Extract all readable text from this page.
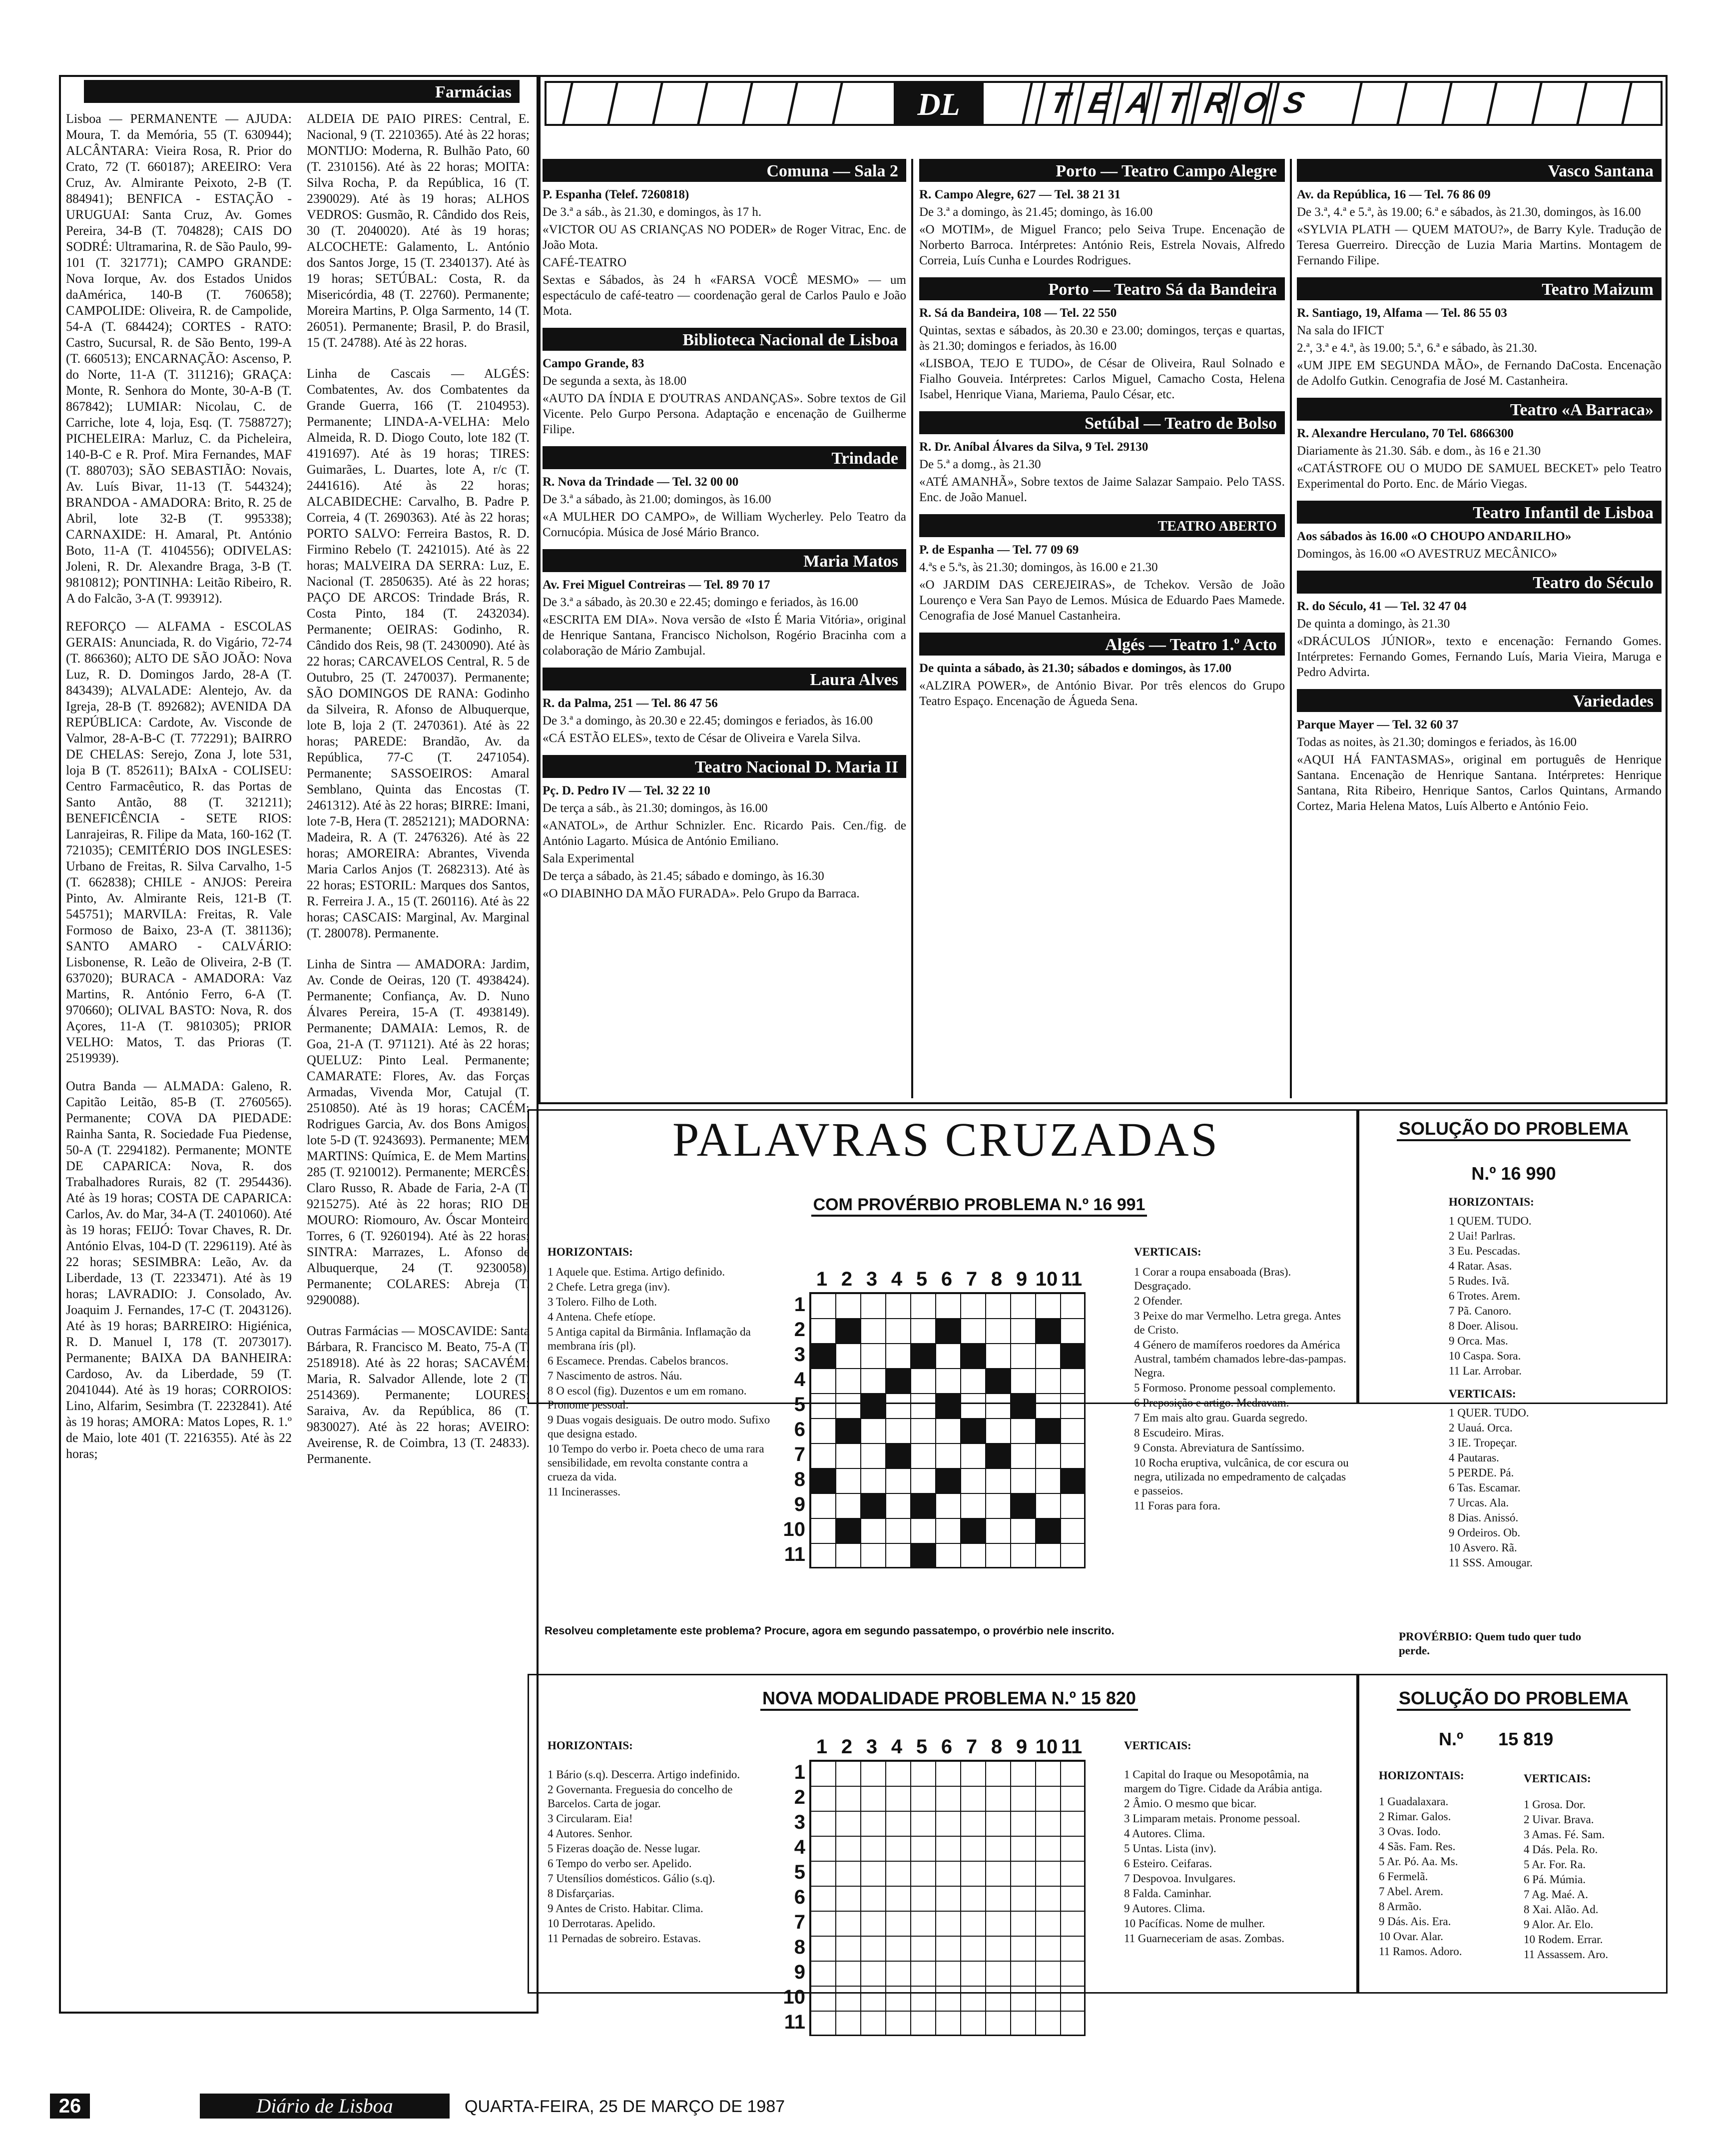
Farmácias

Lisboa — PERMANENTE — AJUDA: Moura, T. da Memória, 55 (T. 630944); ALCÂNTARA: Vieira Rosa, R. Prior do Crato, 72 (T. 660187); AREEIRO: Vera Cruz, Av. Almirante Peixoto, 2-B (T. 884941); BENFICA - ESTAÇÃO - URUGUAI: Santa Cruz, Av. Gomes Pereira, 34-B (T. 704828); CAIS DO SODRÉ: Ultramarina, R. de São Paulo, 99-101 (T. 321771); CAMPO GRANDE: Nova Iorque, Av. dos Estados Unidos daAmérica, 140-B (T. 760658); CAMPOLIDE: Oliveira, R. de Campolide, 54-A (T. 684424); CORTES - RATO: Castro, Sucursal, R. de São Bento, 199-A (T. 660513); ENCARNAÇÃO: Ascenso, P. do Norte, 11-A (T. 311216); GRAÇA: Monte, R. Senhora do Monte, 30-A-B (T. 867842); LUMIAR: Nicolau, C. de Carriche, lote 4, loja, Esq. (T. 7588727); PICHELEIRA: Marluz, C. da Picheleira, 140-B-C e R. Prof. Mira Fernandes, MAF (T. 880703); SÃO SEBASTIÃO: Novais, Av. Luís Bivar, 11-13 (T. 544324); BRANDOA - AMADORA: Brito, R. 25 de Abril, lote 32-B (T. 995338); CARNAXIDE: H. Amaral, Pt. António Boto, 11-A (T. 4104556); ODIVELAS: Joleni, R. Dr. Alexandre Braga, 3-B (T. 9810812); PONTINHA: Leitão Ribeiro, R. A do Falcão, 3-A (T. 993912).

REFORÇO — ALFAMA - ESCOLAS GERAIS: Anunciada, R. do Vigário, 72-74 (T. 866360); ALTO DE SÃO JOÃO: Nova Luz, R. D. Domingos Jardo, 28-A (T. 843439); ALVALADE: Alentejo, Av. da Igreja, 28-B (T. 892682); AVENIDA DA REPÚBLICA: Cardote, Av. Visconde de Valmor, 28-A-B-C (T. 772291); BAIRRO DE CHELAS: Serejo, Zona J, lote 531, loja B (T. 852611); BAIxA - COLISEU: Centro Farmacêutico, R. das Portas de Santo Antão, 88 (T. 321211); BENEFICÊNCIA - SETE RIOS: Lanrajeiras, R. Filipe da Mata, 160-162 (T. 721035); CEMITÉRIO DOS INGLESES: Urbano de Freitas, R. Silva Carvalho, 1-5 (T. 662838); CHILE - ANJOS: Pereira Pinto, Av. Almirante Reis, 121-B (T. 545751); MARVILA: Freitas, R. Vale Formoso de Baixo, 23-A (T. 381136); SANTO AMARO - CALVÁRIO: Lisbonense, R. Leão de Oliveira, 2-B (T. 637020); BURACA - AMADORA: Vaz Martins, R. António Ferro, 6-A (T. 970660); OLIVAL BASTO: Nova, R. dos Açores, 11-A (T. 9810305); PRIOR VELHO: Matos, T. das Prioras (T. 2519939).

Outra Banda — ALMADA: Galeno, R. Capitão Leitão, 85-B (T. 2760565). Permanente; COVA DA PIEDADE: Rainha Santa, R. Sociedade Fua Piedense, 50-A (T. 2294182). Permanente; MONTE DE CAPARICA: Nova, R. dos Trabalhadores Rurais, 82 (T. 2954436). Até às 19 horas; COSTA DE CAPARICA: Carlos, Av. do Mar, 34-A (T. 2401060). Até às 19 horas; FEIJÓ: Tovar Chaves, R. Dr. António Elvas, 104-D (T. 2296119). Até às 22 horas; SESIMBRA: Leão, Av. da Liberdade, 13 (T. 2233471). Até às 19 horas; LAVRADIO: J. Consolado, Av. Joaquim J. Fernandes, 17-C (T. 2043126). Até às 19 horas; BARREIRO: Higiénica, R. D. Manuel I, 178 (T. 2073017). Permanente; BAIXA DA BANHEIRA: Cardoso, Av. da Liberdade, 59 (T. 2041044). Até às 19 horas; CORROIOS: Lino, Alfarim, Sesimbra (T. 2232841). Até às 19 horas; AMORA: Matos Lopes, R. 1.º de Maio, lote 401 (T. 2216355). Até às 22 horas;

ALDEIA DE PAIO PIRES: Central, E. Nacional, 9 (T. 2210365). Até às 22 horas; MONTIJO: Moderna, R. Bulhão Pato, 60 (T. 2310156). Até às 22 horas; MOITA: Silva Rocha, P. da República, 16 (T. 2390029). Até às 19 horas; ALHOS VEDROS: Gusmão, R. Cândido dos Reis, 30 (T. 2040020). Até às 19 horas; ALCOCHETE: Galamento, L. António dos Santos Jorge, 15 (T. 2340137). Até às 19 horas; SETÚBAL: Costa, R. da Misericórdia, 48 (T. 22760). Permanente; Moreira Martins, P. Olga Sarmento, 14 (T. 26051). Permanente; Brasil, P. do Brasil, 15 (T. 24788). Até às 22 horas.

Linha de Cascais — ALGÉS: Combatentes, Av. dos Combatentes da Grande Guerra, 166 (T. 2104953). Permanente; LINDA-A-VELHA: Melo Almeida, R. D. Diogo Couto, lote 182 (T. 4191697). Até às 19 horas; TIRES: Guimarães, L. Duartes, lote A, r/c (T. 2441616). Até às 22 horas; ALCABIDECHE: Carvalho, B. Padre P. Correia, 4 (T. 2690363). Até às 22 horas; PORTO SALVO: Ferreira Bastos, R. D. Firmino Rebelo (T. 2421015). Até às 22 horas; MALVEIRA DA SERRA: Luz, E. Nacional (T. 2850635). Até às 22 horas; PAÇO DE ARCOS: Trindade Brás, R. Costa Pinto, 184 (T. 2432034). Permanente; OEIRAS: Godinho, R. Cândido dos Reis, 98 (T. 2430090). Até às 22 horas; CARCAVELOS Central, R. 5 de Outubro, 25 (T. 2470037). Permanente; SÃO DOMINGOS DE RANA: Godinho da Silveira, R. Afonso de Albuquerque, lote B, loja 2 (T. 2470361). Até às 22 horas; PAREDE: Brandão, Av. da República, 77-C (T. 2471054). Permanente; SASSOEIROS: Amaral Semblano, Quinta das Encostas (T. 2461312). Até às 22 horas; BIRRE: Imani, lote 7-B, Hera (T. 2852121); MADORNA: Madeira, R. A (T. 2476326). Até às 22 horas; AMOREIRA: Abrantes, Vivenda Maria Carlos Anjos (T. 2682313). Até às 22 horas; ESTORIL: Marques dos Santos, R. Ferreira J. A., 15 (T. 260116). Até às 22 horas; CASCAIS: Marginal, Av. Marginal (T. 280078). Permanente.

Linha de Sintra — AMADORA: Jardim, Av. Conde de Oeiras, 120 (T. 4938424). Permanente; Confiança, Av. D. Nuno Álvares Pereira, 15-A (T. 4938149). Permanente; DAMAIA: Lemos, R. de Goa, 21-A (T. 971121). Até às 22 horas; QUELUZ: Pinto Leal. Permanente; CAMARATE: Flores, Av. das Forças Armadas, Vivenda Mor, Catujal (T. 2510850). Até às 19 horas; CACÉM: Rodrigues Garcia, Av. dos Bons Amigos, lote 5-D (T. 9243693). Permanente; MEM MARTINS: Química, E. de Mem Martins, 285 (T. 9210012). Permanente; MERCÊS: Claro Russo, R. Abade de Faria, 2-A (T. 9215275). Até às 22 horas; RIO DE MOURO: Riomouro, Av. Óscar Monteiro Torres, 6 (T. 9260194). Até às 22 horas; SINTRA: Marrazes, L. Afonso de Albuquerque, 24 (T. 9230058). Permanente; COLARES: Abreja (T. 9290088).

Outras Farmácias — MOSCAVIDE: Santa Bárbara, R. Francisco M. Beato, 75-A (T. 2518918). Até às 22 horas; SACAVÉM: Maria, R. Salvador Allende, lote 2 (T. 2514369). Permanente; LOURES: Saraiva, Av. da República, 86 (T. 9830027). Até às 22 horas; AVEIRO: Aveirense, R. de Coimbra, 13 (T. 24833). Permanente.

DL	T E A T R O S
Comuna — Sala 2
P. Espanha (Telef. 7260818)
De 3.ª a sáb., às 21.30, e domingos, às 17 h.
«VICTOR OU AS CRIANÇAS NO PODER» de Roger Vitrac, Enc. de João Mota.
CAFÉ-TEATRO
Sextas e Sábados, às 24 h «FARSA VOCÊ MESMO» — um espectáculo de café-teatro — coordenação geral de Carlos Paulo e João Mota.
Biblioteca Nacional de Lisboa
Campo Grande, 83
De segunda a sexta, às 18.00
«AUTO DA ÍNDIA E D'OUTRAS ANDANÇAS». Sobre textos de Gil Vicente. Pelo Gurpo Persona. Adaptação e encenação de Guilherme Filipe.
Trindade
R. Nova da Trindade — Tel. 32 00 00
De 3.ª a sábado, às 21.00; domingos, às 16.00
«A MULHER DO CAMPO», de William Wycherley. Pelo Teatro da Cornucópia. Música de José Mário Branco.
Maria Matos
Av. Frei Miguel Contreiras — Tel. 89 70 17
De 3.ª a sábado, às 20.30 e 22.45; domingo e feriados, às 16.00
«ESCRITA EM DIA». Nova versão de «Isto É Maria Vitória», original de Henrique Santana, Francisco Nicholson, Rogério Bracinha com a colaboração de Mário Zambujal.
Laura Alves
R. da Palma, 251 — Tel. 86 47 56
De 3.ª a domingo, às 20.30 e 22.45; domingos e feriados, às 16.00
«CÁ ESTÃO ELES», texto de César de Oliveira e Varela Silva.
Teatro Nacional D. Maria II
Pç. D. Pedro IV — Tel. 32 22 10
De terça a sáb., às 21.30; domingos, às 16.00
«ANATOL», de Arthur Schnizler. Enc. Ricardo Pais. Cen./fig. de António Lagarto. Música de António Emiliano.
Sala Experimental
De terça a sábado, às 21.45; sábado e domingo, às 16.30
«O DIABINHO DA MÃO FURADA». Pelo Grupo da Barraca.
Porto — Teatro Campo Alegre
R. Campo Alegre, 627 — Tel. 38 21 31
De 3.ª a domingo, às 21.45; domingo, às 16.00
«O MOTIM», de Miguel Franco; pelo Seiva Trupe. Encenação de Norberto Barroca. Intérpretes: António Reis, Estrela Novais, Alfredo Correia, Luís Cunha e Lourdes Rodrigues.
Porto — Teatro Sá da Bandeira
R. Sá da Bandeira, 108 — Tel. 22 550
Quintas, sextas e sábados, às 20.30 e 23.00; domingos, terças e quartas, às 21.30; domingos e feriados, às 16.00
«LISBOA, TEJO E TUDO», de César de Oliveira, Raul Solnado e Fialho Gouveia. Intérpretes: Carlos Miguel, Camacho Costa, Helena Isabel, Henrique Viana, Mariema, Paulo César, etc.
Setúbal — Teatro de Bolso
R. Dr. Aníbal Álvares da Silva, 9 Tel. 29130
De 5.ª a domg., às 21.30
«ATÉ AMANHÃ», Sobre textos de Jaime Salazar Sampaio. Pelo TASS. Enc. de João Manuel.
TEATRO ABERTO
P. de Espanha — Tel. 77 09 69
4.ªs e 5.ªs, às 21.30; domingos, às 16.00 e 21.30
«O JARDIM DAS CEREJEIRAS», de Tchekov. Versão de João Lourenço e Vera San Payo de Lemos. Música de Eduardo Paes Mamede. Cenografia de José Manuel Castanheira.
Algés — Teatro 1.º Acto
De quinta a sábado, às 21.30; sábados e domingos, às 17.00
«ALZIRA POWER», de António Bivar. Por três elencos do Grupo Teatro Espaço. Encenação de Águeda Sena.
Vasco Santana
Av. da República, 16 — Tel. 76 86 09
De 3.ª, 4.ª e 5.ª, às 19.00; 6.ª e sábados, às 21.30, domingos, às 16.00
«SYLVIA PLATH — QUEM MATOU?», de Barry Kyle. Tradução de Teresa Guerreiro. Direcção de Luzia Maria Martins. Montagem de Fernando Filipe.
Teatro Maizum
R. Santiago, 19, Alfama — Tel. 86 55 03
Na sala do IFICT
2.ª, 3.ª e 4.ª, às 19.00; 5.ª, 6.ª e sábado, às 21.30.
«UM JIPE EM SEGUNDA MÃO», de Fernando DaCosta. Encenação de Adolfo Gutkin. Cenografia de José M. Castanheira.
Teatro «A Barraca»
R. Alexandre Herculano, 70 Tel. 6866300
Diariamente às 21.30. Sáb. e dom., às 16 e 21.30
«CATÁSTROFE OU O MUDO DE SAMUEL BECKET» pelo Teatro Experimental do Porto. Enc. de Mário Viegas.
Teatro Infantil de Lisboa
Aos sábados às 16.00 «O CHOUPO ANDARILHO»
Domingos, às 16.00 «O AVESTRUZ MECÂNICO»
Teatro do Século
R. do Século, 41 — Tel. 32 47 04
De quinta a domingo, às 21.30
«DRÁCULOS JÚNIOR», texto e encenação: Fernando Gomes. Intérpretes: Fernando Gomes, Fernando Luís, Maria Vieira, Maruga e Pedro Advirta.
Variedades
Parque Mayer — Tel. 32 60 37
Todas as noites, às 21.30; domingos e feriados, às 16.00
«AQUI HÁ FANTASMAS», original em português de Henrique Santana. Encenação de Henrique Santana. Intérpretes: Henrique Santana, Rita Ribeiro, Henrique Santos, Carlos Quintans, Armando Cortez, Maria Helena Matos, Luís Alberto e António Feio.
PALAVRAS CRUZADAS
COM PROVÉRBIO PROBLEMA N.º 16 991
HORIZONTAIS:
1 Aquele que. Estima. Artigo definido.
2 Chefe. Letra grega (inv).
3 Tolero. Filho de Loth.
4 Antena. Chefe etíope.
5 Antiga capital da Birmânia. Inflamação da membrana íris (pl).
6 Escamece. Prendas. Cabelos brancos.
7 Nascimento de astros. Náu.
8 O escol (fig). Duzentos e um em romano. Pronome pessoal.
9 Duas vogais desiguais. De outro modo. Sufixo que designa estado.
10 Tempo do verbo ir. Poeta checo de uma rara sensibilidade, em revolta constante contra a crueza da vida.
11 Incinerasses.
1
1
2
2
3
3
4
4
5
5
6
6
7
7
8
8
9
9
10
10
11
11
VERTICAIS:
1 Corar a roupa ensaboada (Bras). Desgraçado.
2 Ofender.
3 Peixe do mar Vermelho. Letra grega. Antes de Cristo.
4 Género de mamíferos roedores da América Austral, também chamados lebre-das-pampas. Negra.
5 Formoso. Pronome pessoal complemento.
6 Preposição e artigo. Medravam.
7 Em mais alto grau. Guarda segredo.
8 Escudeiro. Miras.
9 Consta. Abreviatura de Santíssimo.
10 Rocha eruptiva, vulcânica, de cor escura ou negra, utilizada no empedramento de calçadas e passeios.
11 Foras para fora.
Resolveu completamente este problema? Procure, agora em segundo passatempo, o provérbio nele inscrito.
SOLUÇÃO DO PROBLEMA
N.º 16 990
HORIZONTAIS:
1 QUEM. TUDO.
2 Uai! Parlras.
3 Eu. Pescadas.
4 Ratar. Asas.
5 Rudes. Ivã.
6 Trotes. Arem.
7 Pã. Canoro.
8 Doer. Alisou.
9 Orca. Mas.
10 Caspa. Sora.
11 Lar. Arrobar.
VERTICAIS:
1 QUER. TUDO.
2 Uauá. Orca.
3 IE. Tropeçar.
4 Pautaras.
5 PERDE. Pá.
6 Tas. Escamar.
7 Urcas. Ala.
8 Dias. Anissó.
9 Ordeiros. Ob.
10 Asvero. Rã.
11 SSS. Amougar.
PROVÉRBIO: Quem tudo quer tudo perde.
NOVA MODALIDADE PROBLEMA N.º 15 820
HORIZONTAIS:
1 Bário (s.q). Descerra. Artigo indefinido.
2 Governanta. Freguesia do concelho de Barcelos. Carta de jogar.
3 Circularam. Eia!
4 Autores. Senhor.
5 Fizeras doação de. Nesse lugar.
6 Tempo do verbo ser. Apelido.
7 Utensílios domésticos. Gálio (s.q).
8 Disfarçarias.
9 Antes de Cristo. Habitar. Clima.
10 Derrotaras. Apelido.
11 Pernadas de sobreiro. Estavas.
1
1
2
2
3
3
4
4
5
5
6
6
7
7
8
8
9
9
10
10
11
11
VERTICAIS:
1 Capital do Iraque ou Mesopotâmia, na margem do Tigre. Cidade da Arábia antiga.
2 Âmio. O mesmo que bicar.
3 Limparam metais. Pronome pessoal.
4 Autores. Clima.
5 Untas. Lista (inv).
6 Esteiro. Ceifaras.
7 Despovoa. Invulgares.
8 Falda. Caminhar.
9 Autores. Clima.
10 Pacíficas. Nome de mulher.
11 Guarneceriam de asas. Zombas.
SOLUÇÃO DO PROBLEMA
N.º 15 819
HORIZONTAIS:
1 Guadalaxara.
2 Rimar. Galos.
3 Ovas. Iodo.
4 Sãs. Fam. Res.
5 Ar. Pó. Aa. Ms.
6 Fermelã.
7 Abel. Arem.
8 Armão.
9 Dás. Ais. Era.
10 Ovar. Alar.
11 Ramos. Adoro.
VERTICAIS:
1 Grosa. Dor.
2 Uivar. Brava.
3 Amas. Fé. Sam.
4 Dás. Pela. Ro.
5 Ar. For. Ra.
6 Pá. Múmia.
7 Ag. Maé. A.
8 Xai. Alão. Ad.
9 Alor. Ar. Elo.
10 Rodem. Errar.
11 Assassem. Aro.
26	Diário de Lisboa	QUARTA-FEIRA, 25 DE MARÇO DE 1987
